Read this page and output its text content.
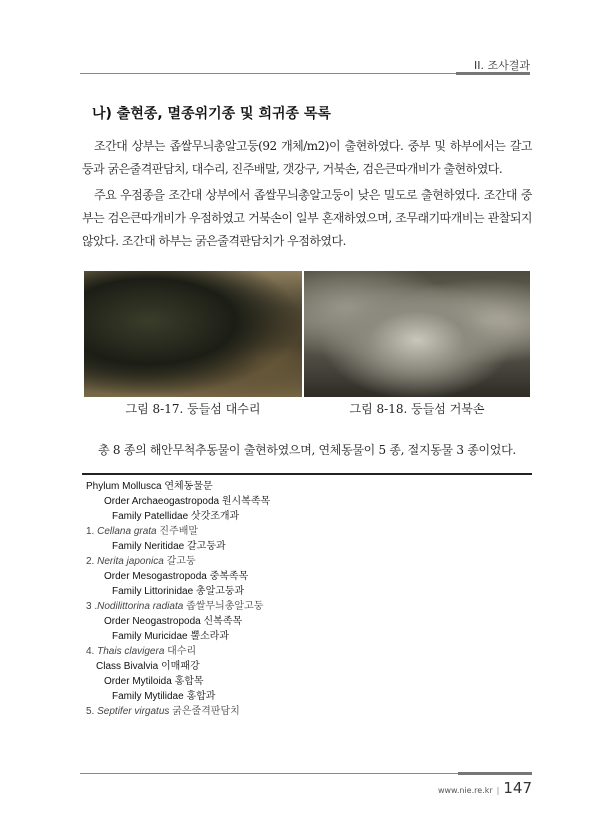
II. 조사결과
나) 출현종, 멸종위기종 및 희귀종 목록

조간대 상부는 좁쌀무늬총알고둥(92 개체/m2)이 출현하였다. 중부 및 하부에서는 갈고둥과 굵은줄격판담치, 대수리, 진주배말, 갯강구, 거북손, 검은큰따개비가 출현하였다.

주요 우점종을 조간대 상부에서 좁쌀무늬총알고둥이 낮은 밀도로 출현하였다. 조간대 중부는 검은큰따개비가 우점하였고 거북손이 일부 혼재하였으며, 조무래기따개비는 관찰되지 않았다. 조간대 하부는 굵은줄격판담치가 우점하였다.

그림 8-17. 둥들섬 대수리	그림 8-18. 둥들섬 거북손
총 8 종의 해안무척추동물이 출현하였으며, 연체동물이 5 종, 절지동물 3 종이었다.
Phylum Mollusca 연체동물문
Order Archaeogastropoda 원시복족목
Family Patellidae 삿갓조개과
1. Cellana grata 진주배말
Family Neritidae 갈고둥과
2. Nerita japonica 갈고둥
Order Mesogastropoda 중복족목
Family Littorinidae 총알고둥과
3 .Nodilittorina radiata 좁쌀무늬총알고둥
Order Neogastropoda 신복족목
Family Muricidae 뿔소라과
4. Thais clavigera 대수리
Class Bivalvia 이매패강
Order Mytiloida 홍합목
Family Mytilidae 홍합과
5. Septifer virgatus 굵은줄격판담치
www.nie.re.kr | 147
